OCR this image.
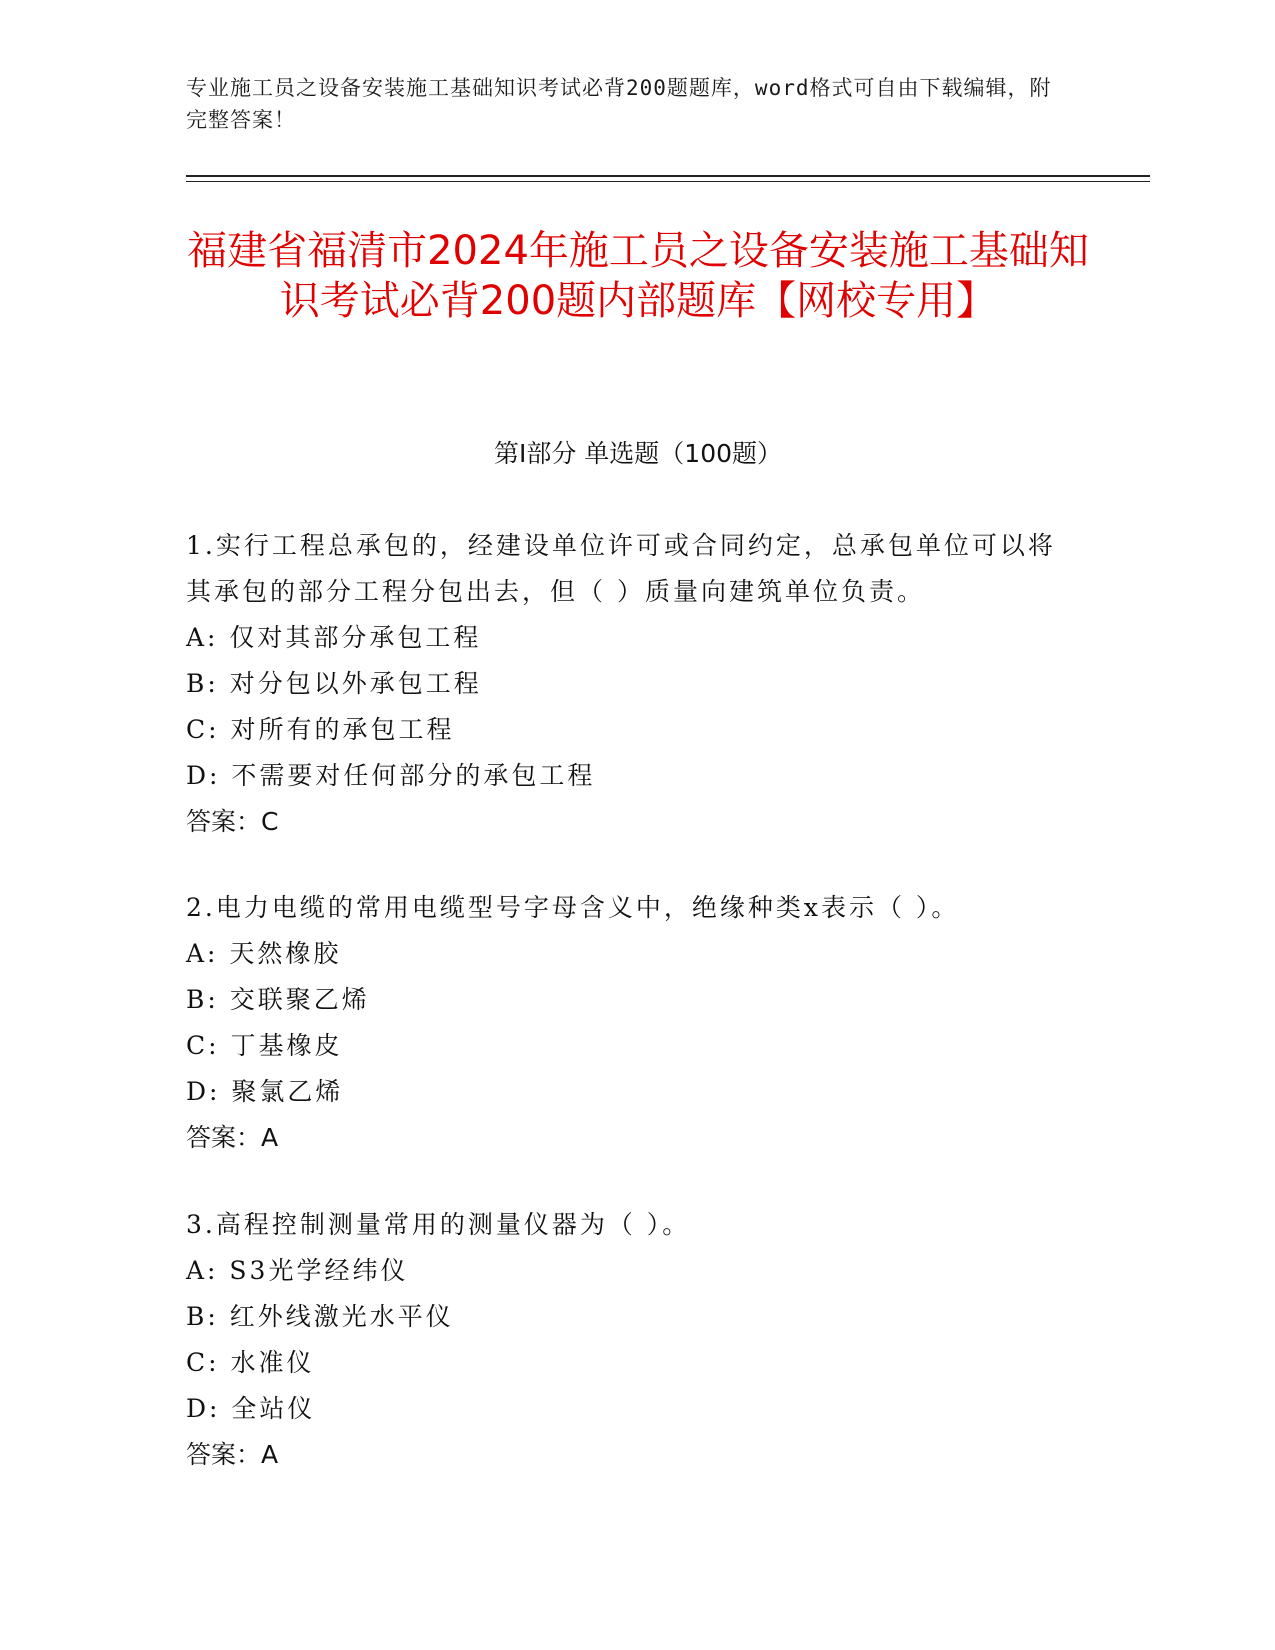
专业施工员之设备安装施工基础知识考试必背200题题库，word格式可自由下载编辑，附完整答案！
福建省福清市2024年施工员之设备安装施工基础知识考试必背200题内部题库【网校专用】
第I部分 单选题（100题）

1.实行工程总承包的，经建设单位许可或合同约定，总承包单位可以将其承包的部分工程分包出去，但（ ）质量向建筑单位负责。

A: 仅对其部分承包工程

B: 对分包以外承包工程

C: 对所有的承包工程

D: 不需要对任何部分的承包工程

答案：C

2.电力电缆的常用电缆型号字母含义中，绝缘种类x表示（ ）。

A: 天然橡胶

B: 交联聚乙烯

C: 丁基橡皮

D: 聚氯乙烯

答案：A

3.高程控制测量常用的测量仪器为（ ）。

A: S3光学经纬仪

B: 红外线激光水平仪

C: 水准仪

D: 全站仪

答案：A
